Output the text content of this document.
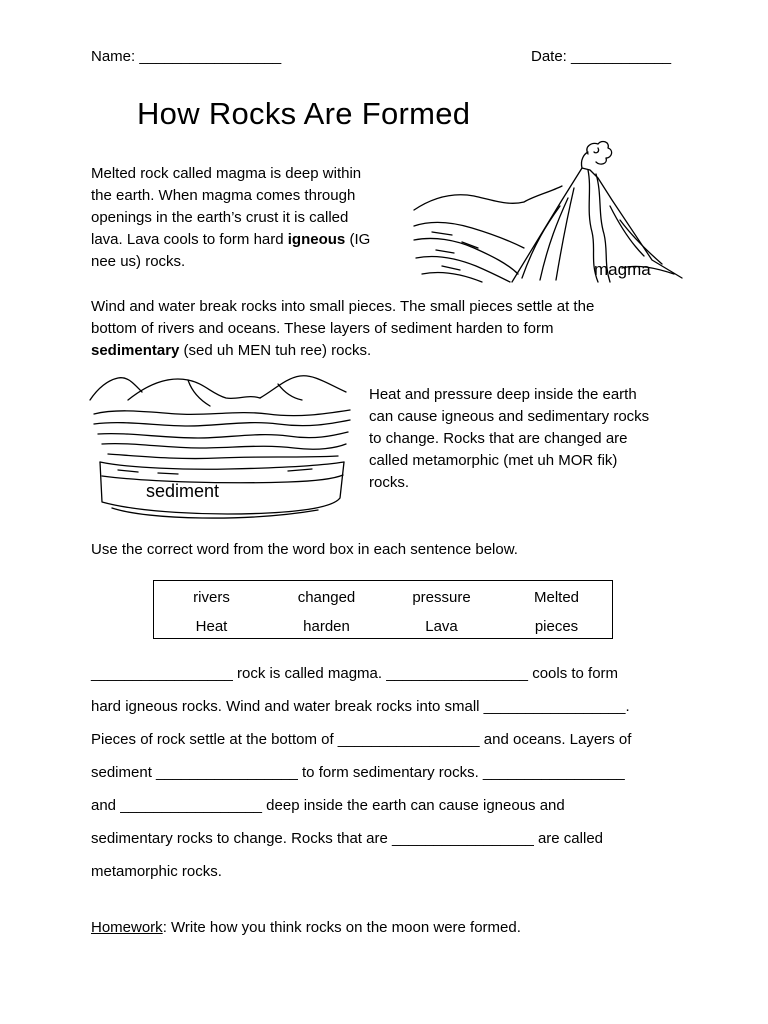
Name: _________________	Date: ____________
How Rocks Are Formed
Melted rock called magma is deep within
the earth. When magma comes through
openings in the earth’s crust it is called
lava. Lava cools to form hard igneous (IG
nee us) rocks.	magma
Wind and water break rocks into small pieces. The small pieces settle at the
bottom of rivers and oceans. These layers of sediment harden to form
sedimentary (sed uh MEN tuh ree) rocks.
sediment
Heat and pressure deep inside the earth
can cause igneous and sedimentary rocks
to change. Rocks that are changed are
called metamorphic (met uh MOR fik)
rocks.
Use the correct word from the word box in each sentence below.
rivers	changed	pressure	Melted
Heat	harden	Lava	pieces
_________________ rock is called magma. _________________ cools to form
hard igneous rocks. Wind and water break rocks into small _________________.
Pieces of rock settle at the bottom of _________________ and oceans. Layers of
sediment _________________ to form sedimentary rocks. _________________
and _________________ deep inside the earth can cause igneous and
sedimentary rocks to change. Rocks that are _________________ are called
metamorphic rocks.
Homework: Write how you think rocks on the moon were formed.
